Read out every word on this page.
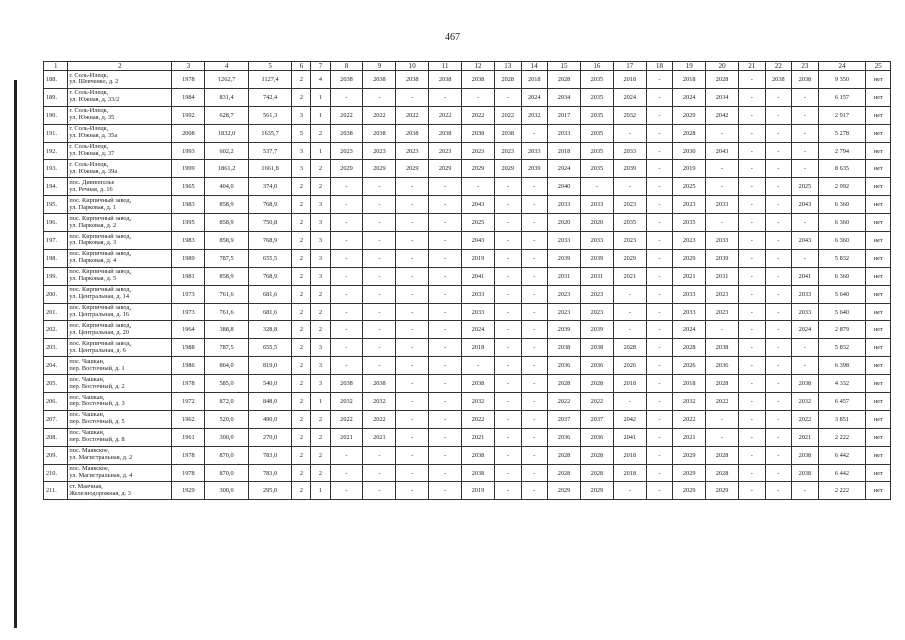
467
1	2	3	4	5	6	7	8	9	10	11	12	13	14	15	16	17	18	19	20	21	22	23	24	25
188.	г. Соль-Илецк,
ул. Шевченко, д. 2	1978	1262,7	1127,4	2	4	2038	2038	2038	2038	2038	2028	2018	2028	2035	2018	-	2018	2028	-	2038	2038	9 350	нет
189.	г. Соль-Илецк,
ул. Южная, д. 33/2	1984	831,4	742,4	2	1	-	-	-	-	-	-	2024	2034	2035	2024	-	2024	2034	-	-	-	6 157	нет
190.	г. Соль-Илецк,
ул. Южная, д. 35	1992	628,7	561,3	3	1	2022	2022	2022	2022	2022	2022	2032	2017	2035	2032	-	2029	2042	-	-	-	2 917	нет
191.	г. Соль-Илецк,
ул. Южная, д. 35а	2008	1832,0	1635,7	5	2	2038	2038	2038	2038	2038	2038	-	2033	2035	-	-	2028	-	-	-	-	5 278	нет
192.	г. Соль-Илецк,
ул. Южная, д. 37	1993	602,2	537,7	3	1	2023	2023	2023	2023	2023	2023	2033	2018	2035	2033	-	2030	2043	-	-	-	2 794	нет
193.	г. Соль-Илецк,
ул. Южная, д. 39а	1999	1861,2	1661,8	3	2	2029	2029	2029	2029	2029	2029	2039	2024	2035	2039	-	2019	-	-	-	-	8 635	нет
194.	пос. Дивнополье
ул. Речная, д. 16	1965	404,0	374,0	2	2	-	-	-	-	-	-	-	2040	-	-	-	2025	-	-	-	2025	2 992	нет
195.	пос. Кирпичный завод,
ул. Парковая, д. 1	1983	858,9	768,9	2	3	-	-	-	-	2043	-	-	2033	2033	2023	-	2023	2033	-	-	2043	6 360	нет
196.	пос. Кирпичный завод,
ул. Парковая, д. 2	1995	858,9	750,8	2	3	-	-	-	-	2025	-	-	2020	2020	2035	-	2035	-	-	-	-	6 360	нет
197.	пос. Кирпичный завод,
ул. Парковая, д. 3	1983	858,9	768,9	2	3	-	-	-	-	2043	-	-	2033	2033	2023	-	2023	2033	-	-	2043	6 360	нет
198.	пос. Кирпичный завод,
ул. Парковая, д. 4	1989	787,5	655,5	2	3	-	-	-	-	2019	-	-	2039	2039	2029	-	2029	2039	-	-	-	5 832	нет
199.	пос. Кирпичный завод,
ул. Парковая, д. 5	1981	858,9	768,9	2	3	-	-	-	-	2041	-	-	2031	2031	2021	-	2021	2031	-	-	2041	6 360	нет
200.	пос. Кирпичный завод,
ул. Центральная, д. 14	1973	761,6	681,6	2	2	-	-	-	-	2033	-	-	2023	2023	-	-	2033	2023	-	-	2033	5 640	нет
201.	пос. Кирпичный завод,
ул. Центральная, д. 16	1973	761,6	681,6	2	2	-	-	-	-	2033	-	-	2023	2023	-	-	2033	2023	-	-	2033	5 640	нет
202.	пос. Кирпичный завод,
ул. Центральная, д. 20	1964	388,8	328,8	2	2	-	-	-	-	2024	-	-	2039	2039	-	-	2024	-	-	-	2024	2 879	нет
203.	пос. Кирпичный завод,
ул. Центральная, д. 6	1988	787,5	655,5	2	3	-	-	-	-	2018	-	-	2038	2038	2028	-	2028	2038	-	-	-	5 832	нет
204.	пос. Чашкан,
пер. Восточный, д. 1	1986	864,0	819,0	2	3	-	-	-	-	-	-	-	2036	2036	2026	-	2026	2036	-	-	-	6 398	нет
205.	пос. Чашкан,
пер. Восточный, д. 2	1978	585,0	540,0	2	3	2038	2038	-	-	2038	-	-	2028	2028	2018	-	2018	2028	-	-	2038	4 332	нет
206.	пос. Чашкан,
пер. Восточный, д. 3	1972	872,0	848,0	2	1	2032	2032	-	-	2032	-	-	2022	2022	-	-	2032	2022	-	-	2032	6 457	нет
207.	пос. Чашкан,
пер. Восточный, д. 5	1962	520,0	490,0	2	2	2022	2022	-	-	2022	-	-	2037	2037	2042	-	2022	-	-	-	2022	3 851	нет
208.	пос. Чашкан,
пер. Восточный, д. 8	1961	300,0	270,0	2	2	2021	2021	-	-	2021	-	-	2036	2036	2041	-	2021	-	-	-	2021	2 222	нет
209.	пос. Маякское,
ул. Магистральная, д. 2	1978	870,0	783,0	2	2	-	-	-	-	2038	-	-	2028	2028	2018	-	2029	2028	-	-	2038	6 442	нет
210.	пос. Маякское,
ул. Магистральная, д. 4	1978	870,0	783,0	2	2	-	-	-	-	2038	-	-	2028	2028	2018	-	2029	2028	-	-	2038	6 442	нет
211.	ст. Маячная,
Железнодорожная, д. 3	1929	300,0	295,0	2	1	-	-	-	-	2019	-	-	2029	2029	-	-	2029	2029	-	-	-	2 222	нет
